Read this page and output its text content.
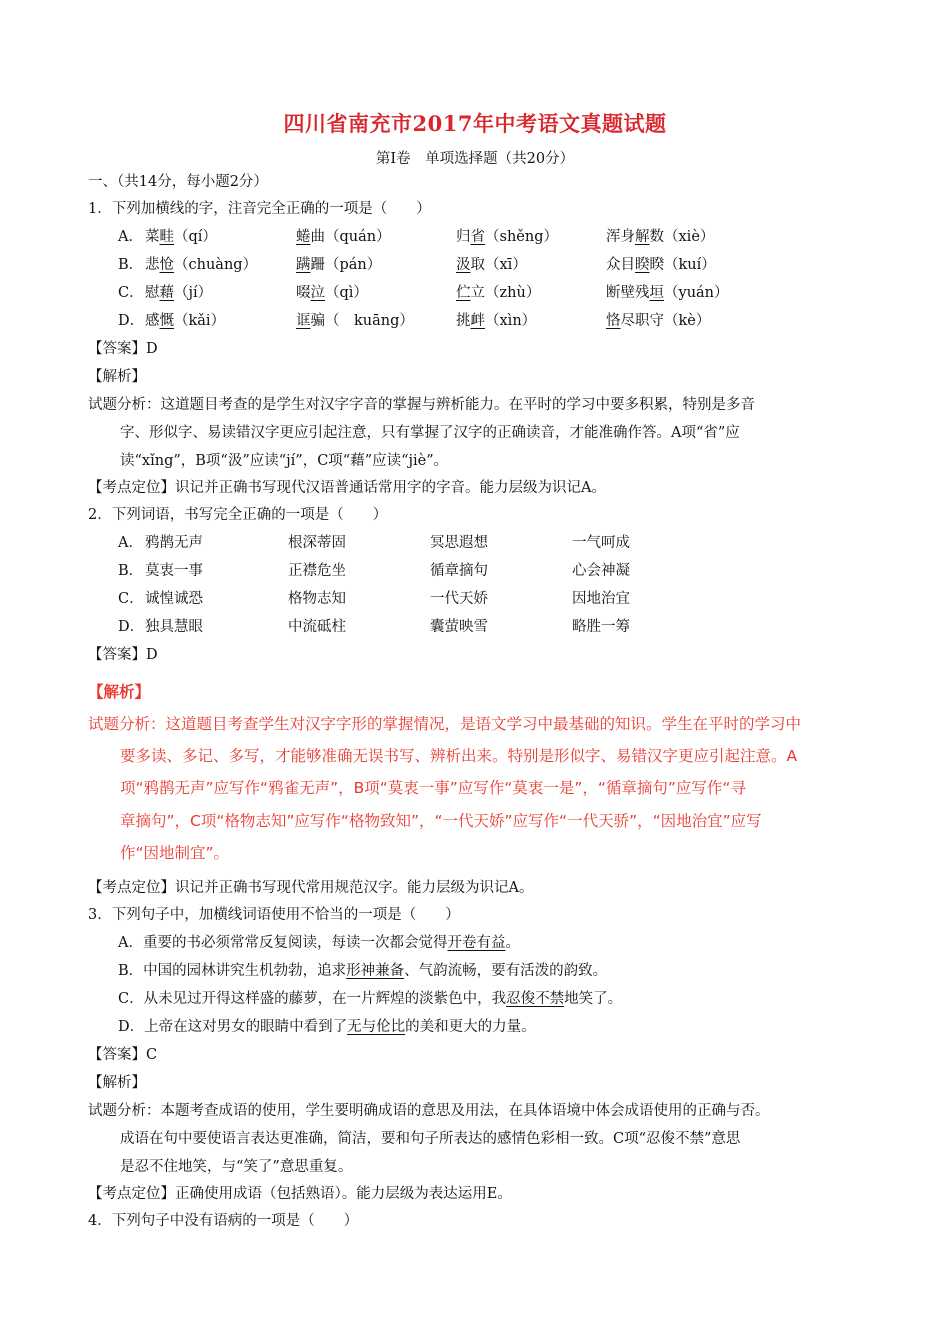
四川省南充市2017年中考语文真题试题
第Ⅰ卷　单项选择题（共20分）
一、（共14分，每小题2分）
1．下列加横线的字，注音完全正确的一项是（　　）
A． 菜畦（qí）	蜷曲（quán）	归省（shěng）	浑身解数（xiè）
B． 悲怆（chuàng）	蹒跚（pán）	汲取（xī）	众目睽睽（kuí）
C． 慰藉（jí）	啜泣（qì）	伫立（zhù）	断壁残垣（yuán）
D． 感慨（kǎi）	诓骗（　kuāng）	挑衅（xìn）	恪尽职守（kè）
【答案】D
【解析】
试题分析：这道题目考查的是学生对汉字字音的掌握与辨析能力。在平时的学习中要多积累，特别是多音
字、形似字、易读错汉字更应引起注意，只有掌握了汉字的正确读音，才能准确作答。A项“省”应
读“xǐng”，B项“汲”应读“jí”，C项“藉”应读“jiè”。
【考点定位】识记并正确书写现代汉语普通话常用字的字音。能力层级为识记A。
2．下列词语，书写完全正确的一项是（　　）
A． 鸦鹊无声	根深蒂固	冥思遐想	一气呵成
B． 莫衷一事	正襟危坐	循章摘句	心会神凝
C． 诚惶诚恐	格物志知	一代天娇	因地治宜
D． 独具慧眼	中流砥柱	囊萤映雪	略胜一筹
【答案】D
【解析】
试题分析：这道题目考查学生对汉字字形的掌握情况，是语文学习中最基础的知识。学生在平时的学习中
要多读、多记、多写，才能够准确无误书写、辨析出来。特别是形似字、易错汉字更应引起注意。A
项“鸦鹊无声”应写作“鸦雀无声”，B项“莫衷一事”应写作“莫衷一是”，“循章摘句”应写作“寻
章摘句”，C项“格物志知”应写作“格物致知”，“一代天娇”应写作“一代天骄”，“因地治宜”应写
作“因地制宜”。
【考点定位】识记并正确书写现代常用规范汉字。能力层级为识记A。
3．下列句子中，加横线词语使用不恰当的一项是（　　）
A．重要的书必须常常反复阅读，每读一次都会觉得开卷有益。
B．中国的园林讲究生机勃勃，追求形神兼备、气韵流畅，要有活泼的韵致。
C．从未见过开得这样盛的藤萝，在一片辉煌的淡紫色中，我忍俊不禁地笑了。
D．上帝在这对男女的眼睛中看到了无与伦比的美和更大的力量。
【答案】C
【解析】
试题分析：本题考查成语的使用，学生要明确成语的意思及用法，在具体语境中体会成语使用的正确与否。
成语在句中要使语言表达更准确，简洁，要和句子所表达的感情色彩相一致。C项“忍俊不禁”意思
是忍不住地笑，与“笑了”意思重复。
【考点定位】正确使用成语（包括熟语）。能力层级为表达运用E。
4．下列句子中没有语病的一项是（　　）
